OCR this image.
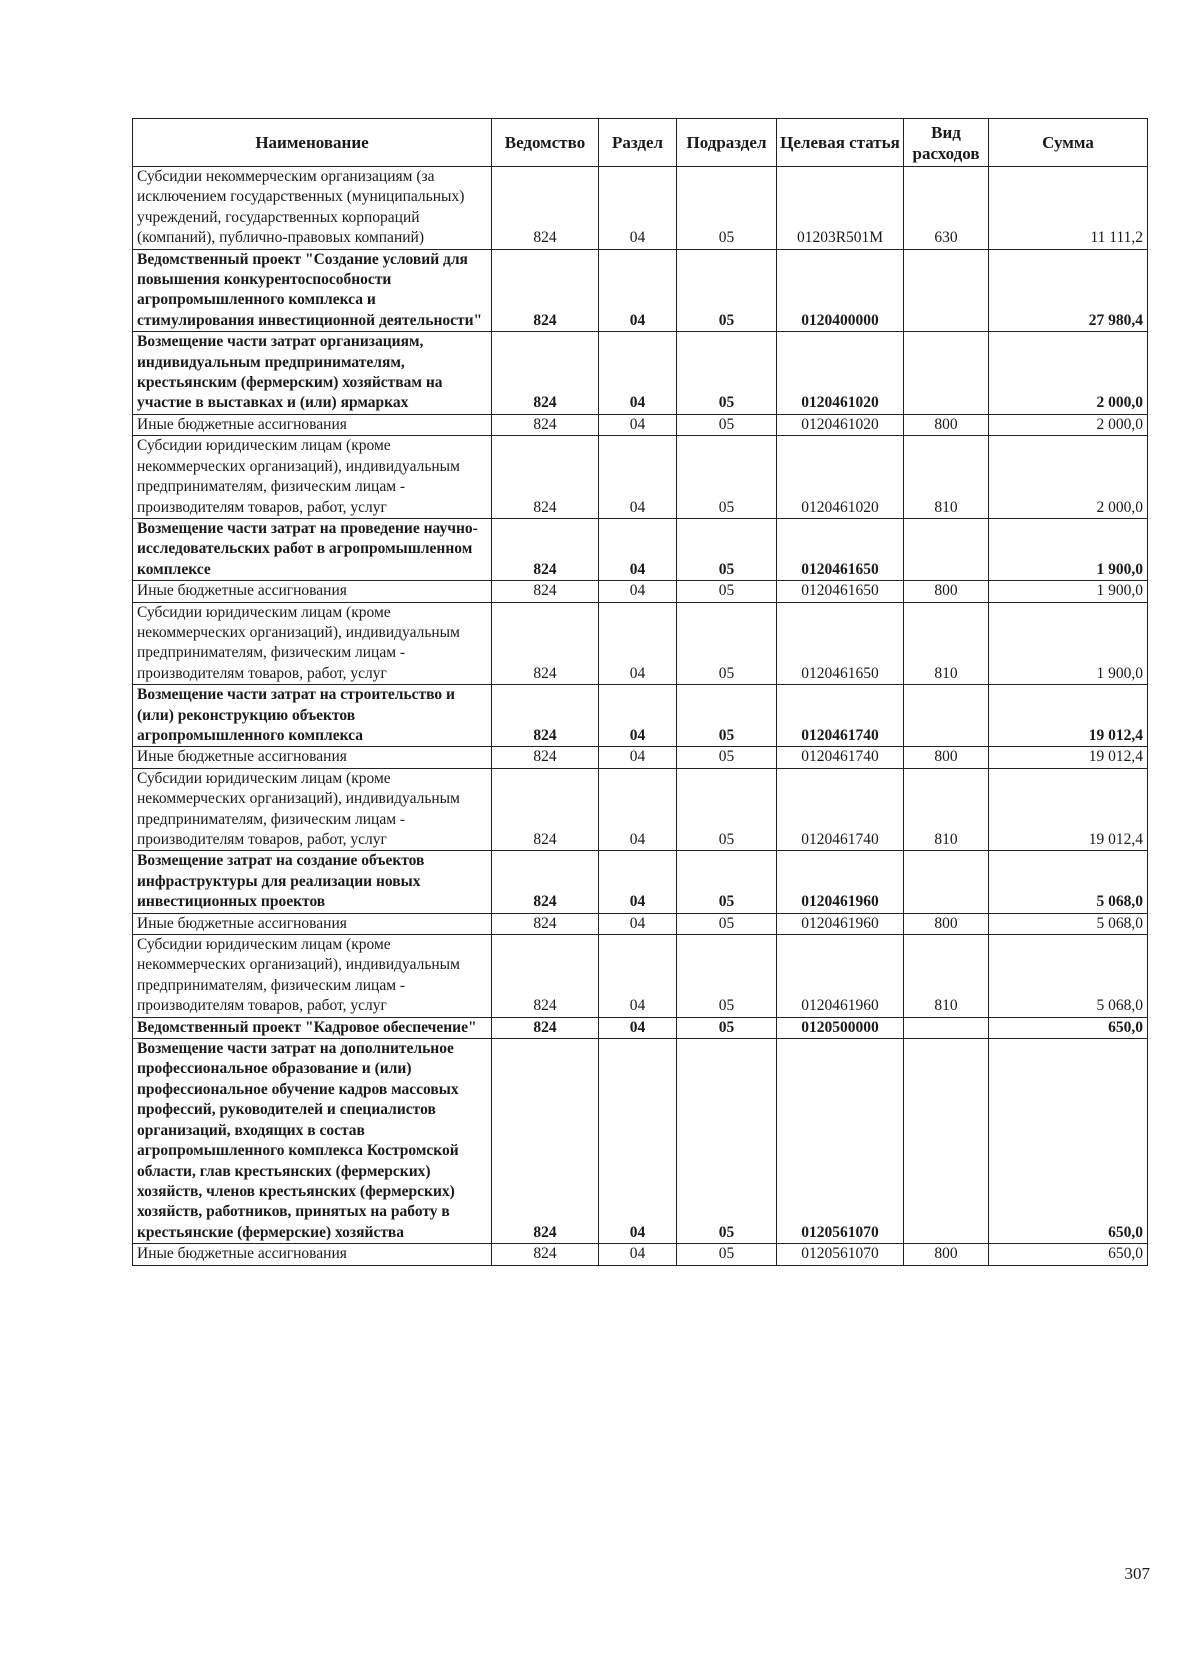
Наименование	Ведомство	Раздел	Подраздел	Целевая статья	Вид расходов	Сумма
Субсидии некоммерческим организациям (за исключением государственных (муниципальных) учреждений, государственных корпораций (компаний), публично-правовых компаний)	824	04	05	01203R501M	630	11 111,2
Ведомственный проект "Создание условий для повышения конкурентоспособности агропромышленного комплекса и стимулирования инвестиционной деятельности"	824	04	05	0120400000		27 980,4
Возмещение части затрат организациям, индивидуальным предпринимателям, крестьянским (фермерским) хозяйствам на участие в выставках и (или) ярмарках	824	04	05	0120461020		2 000,0
Иные бюджетные ассигнования	824	04	05	0120461020	800	2 000,0
Субсидии юридическим лицам (кроме некоммерческих организаций), индивидуальным предпринимателям, физическим лицам - производителям товаров, работ, услуг	824	04	05	0120461020	810	2 000,0
Возмещение части затрат на проведение научно-исследовательских работ в агропромышленном комплексе	824	04	05	0120461650		1 900,0
Иные бюджетные ассигнования	824	04	05	0120461650	800	1 900,0
Субсидии юридическим лицам (кроме некоммерческих организаций), индивидуальным предпринимателям, физическим лицам - производителям товаров, работ, услуг	824	04	05	0120461650	810	1 900,0
Возмещение части затрат на строительство и (или) реконструкцию объектов агропромышленного комплекса	824	04	05	0120461740		19 012,4
Иные бюджетные ассигнования	824	04	05	0120461740	800	19 012,4
Субсидии юридическим лицам (кроме некоммерческих организаций), индивидуальным предпринимателям, физическим лицам - производителям товаров, работ, услуг	824	04	05	0120461740	810	19 012,4
Возмещение затрат на создание объектов инфраструктуры для реализации новых инвестиционных проектов	824	04	05	0120461960		5 068,0
Иные бюджетные ассигнования	824	04	05	0120461960	800	5 068,0
Субсидии юридическим лицам (кроме некоммерческих организаций), индивидуальным предпринимателям, физическим лицам - производителям товаров, работ, услуг	824	04	05	0120461960	810	5 068,0
Ведомственный проект "Кадровое обеспечение"	824	04	05	0120500000		650,0
Возмещение части затрат на дополнительное профессиональное образование и (или) профессиональное обучение кадров массовых профессий, руководителей и специалистов организаций, входящих в состав агропромышленного комплекса Костромской области, глав крестьянских (фермерских) хозяйств, членов крестьянских (фермерских) хозяйств, работников, принятых на работу в крестьянские (фермерские) хозяйства	824	04	05	0120561070		650,0
Иные бюджетные ассигнования	824	04	05	0120561070	800	650,0
307
